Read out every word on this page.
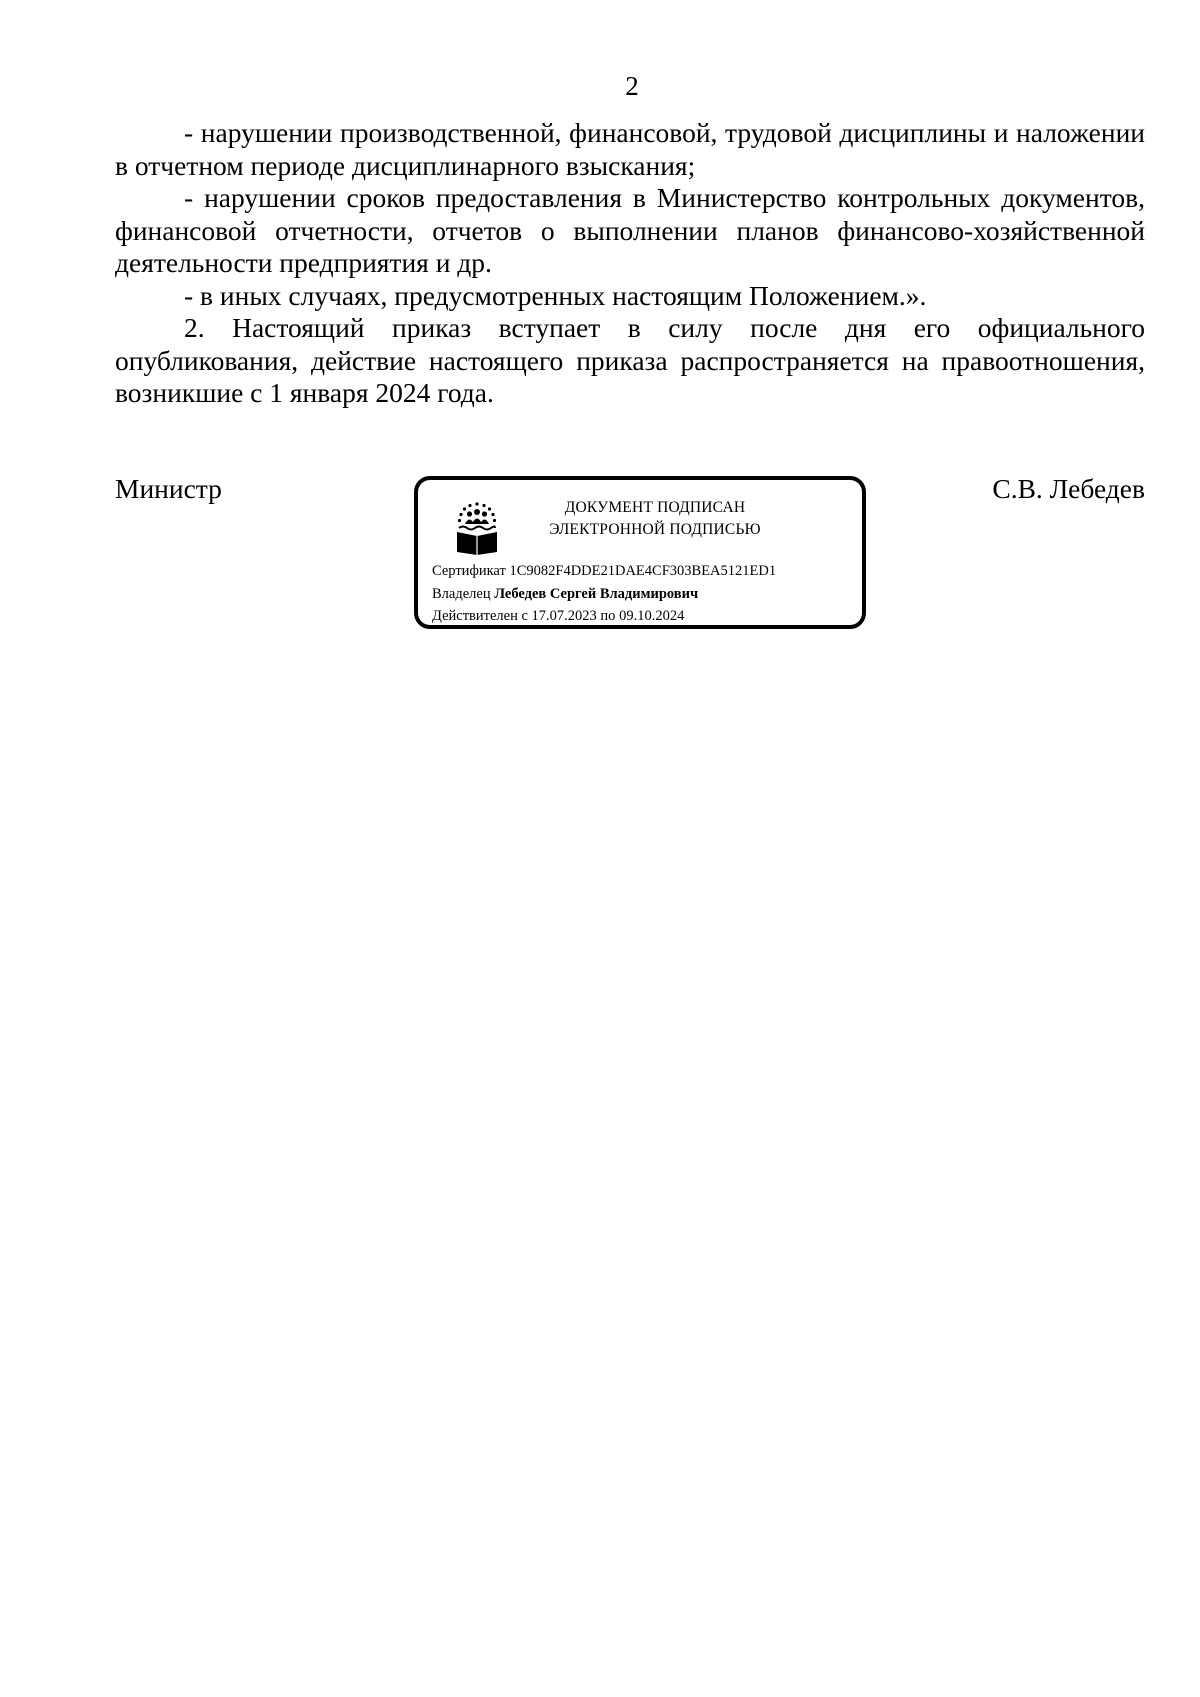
2

- нарушении производственной, финансовой, трудовой дисциплины и наложении в отчетном периоде дисциплинарного взыскания;

- нарушении сроков предоставления в Министерство контрольных документов, финансовой отчетности, отчетов о выполнении планов финансово-хозяйственной деятельности предприятия и др.

- в иных случаях, предусмотренных настоящим Положением.».

2. Настоящий приказ вступает в силу после дня его официального опубликования, действие настоящего приказа распространяется на правоотношения, возникшие с 1 января 2024 года.

Министр
ДОКУМЕНТ ПОДПИСАН
ЭЛЕКТРОННОЙ ПОДПИСЬЮ
Сертификат 1C9082F4DDE21DAE4CF303BEA5121ED1
Владелец Лебедев Сергей Владимирович
Действителен с 17.07.2023 по 09.10.2024
С.В. Лебедев
